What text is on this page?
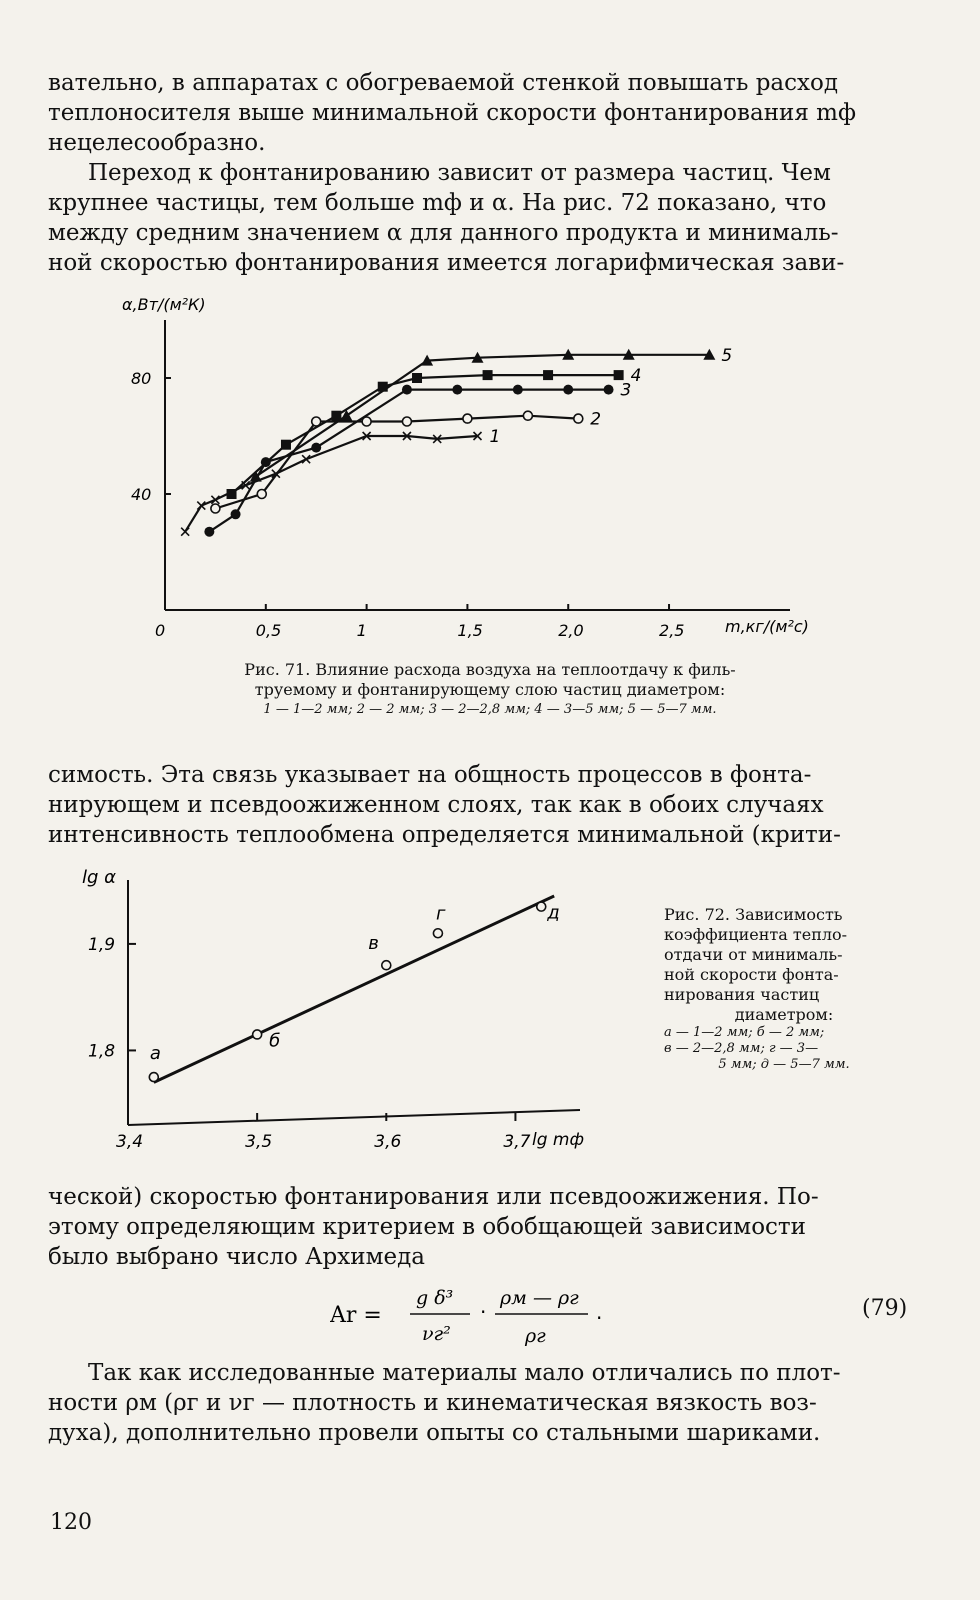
вательно, в аппаратах с обогреваемой стенкой повышать расход
теплоносителя выше минимальной скорости фонтанирования mф
нецелесообразно.
Переход к фонтанированию зависит от размера частиц. Чем
крупнее частицы, тем больше mф и α. На рис. 72 показано, что
между средним значением α для данного продукта и минималь-
ной скоростью фонтанирования имеется логарифмическая зави-
0	0,5	1	1,5	2,0	2,5
80
40
α,Вт/(м²К)
m,кг/(м²с)
1
2
3
4
5
Рис. 71. Влияние расхода воздуха на теплоотдачу к филь-
труемому и фонтанирующему слою частиц диаметром:
1 — 1—2 мм; 2 — 2 мм; 3 — 2—2,8 мм; 4 — 3—5 мм; 5 — 5—7 мм.
симость. Эта связь указывает на общность процессов в фонта-
нирующем и псевдоожиженном слоях, так как в обоих случаях
интенсивность теплообмена определяется минимальной (крити-
3,4	3,5	3,6	3,7
1,9
1,8
lg α
lg mф
а
б
в
г	д	Рис. 72. Зависимость
коэффициента тепло-
отдачи от минималь-
ной скорости фонта-
нирования частиц
диаметром:
а — 1—2 мм; б — 2 мм;
в — 2—2,8 мм; г — 3—
5 мм; д — 5—7 мм.
ческой) скоростью фонтанирования или псевдоожижения. По-
этому определяющим критерием в обобщающей зависимости
было выбрано число Архимеда
Ar =
g δ³
νг²
·
ρм — ρг
ρг
.	(79)
Так как исследованные материалы мало отличались по плот-
ности ρм (ρг и νг — плотность и кинематическая вязкость воз-
духа), дополнительно провели опыты со стальными шариками.
120
